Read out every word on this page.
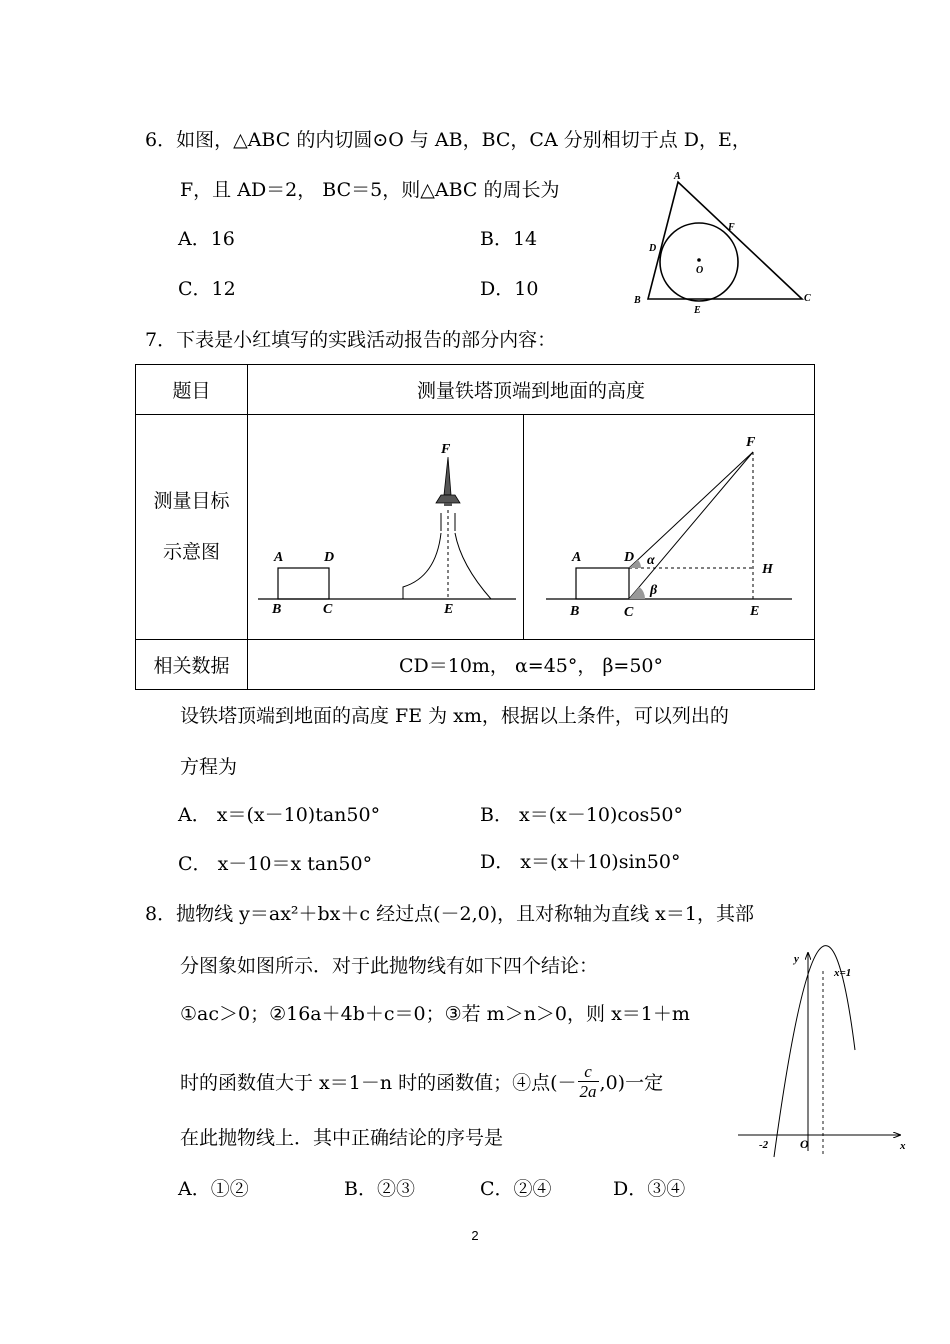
6．如图，△ABC 的内切圆⊙O 与 AB，BC，CA 分别相切于点 D，E，
F，且 AD＝2， BC＝5，则△ABC 的周长为
A．16	B．14
C．12	D．10
A
B	C
D
E
F
O
7．下表是小红填写的实践活动报告的部分内容：
题目	测量铁塔顶端到地面的高度	

测量目标
示意图		

相关数据	CD＝10m， α=45°， β=50°	
A	D
B	C	E
F
A	D α
β
B	C	E
H
F
设铁塔顶端到地面的高度 FE 为 xm，根据以上条件，可以列出的
方程为
A． x＝(x－10)tan50°	B． x＝(x－10)cos50°
C． x－10＝x tan50°	D． x＝(x＋10)sin50°
8．抛物线 y＝ax²＋bx＋c 经过点(－2,0)，且对称轴为直线 x＝1，其部
分图象如图所示．对于此抛物线有如下四个结论：
①ac＞0；②16a＋4b＋c＝0；③若 m＞n＞0，则 x＝1＋m
时的函数值大于 x＝1－n 时的函数值；④点(－
c
2a ,0)一定
在此抛物线上．其中正确结论的序号是
A．①②	B．②③	C．②④	D．③④
y
x
x=1
O
-2
2
